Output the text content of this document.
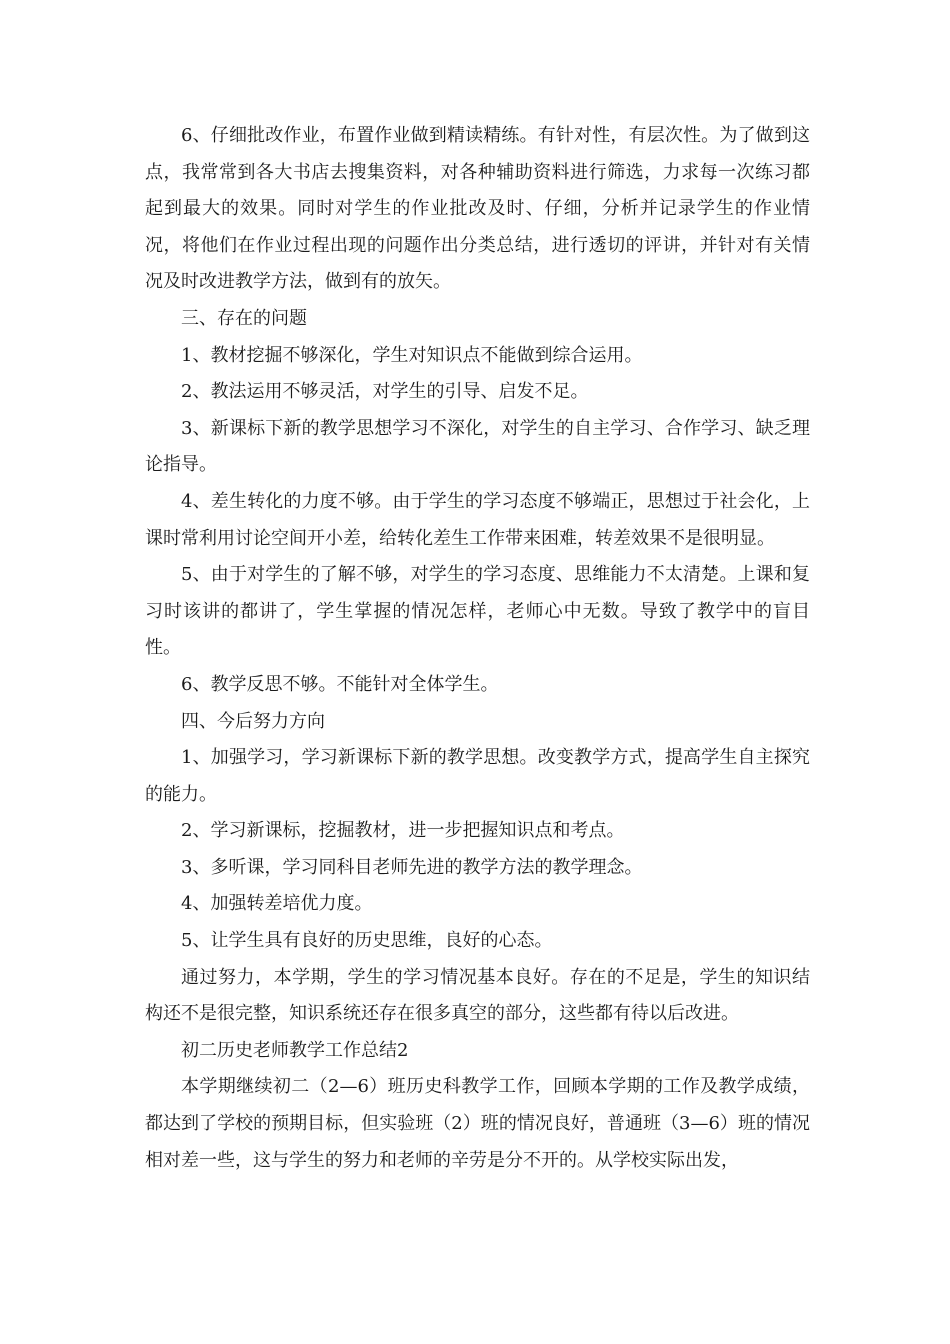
6、仔细批改作业，布置作业做到精读精练。有针对性，有层次性。为了做到这点，我常常到各大书店去搜集资料，对各种辅助资料进行筛选，力求每一次练习都起到最大的效果。同时对学生的作业批改及时、仔细，分析并记录学生的作业情况，将他们在作业过程出现的问题作出分类总结，进行透切的评讲，并针对有关情况及时改进教学方法，做到有的放矢。

三、存在的问题

1、教材挖掘不够深化，学生对知识点不能做到综合运用。

2、教法运用不够灵活，对学生的引导、启发不足。

3、新课标下新的教学思想学习不深化，对学生的自主学习、合作学习、缺乏理论指导。

4、差生转化的力度不够。由于学生的学习态度不够端正，思想过于社会化，上课时常利用讨论空间开小差，给转化差生工作带来困难，转差效果不是很明显。

5、由于对学生的了解不够，对学生的学习态度、思维能力不太清楚。上课和复习时该讲的都讲了，学生掌握的情况怎样，老师心中无数。导致了教学中的盲目性。

6、教学反思不够。不能针对全体学生。

四、今后努力方向

1、加强学习，学习新课标下新的教学思想。改变教学方式，提高学生自主探究的能力。

2、学习新课标，挖掘教材，进一步把握知识点和考点。

3、多听课，学习同科目老师先进的教学方法的教学理念。

4、加强转差培优力度。

5、让学生具有良好的历史思维，良好的心态。

通过努力，本学期，学生的学习情况基本良好。存在的不足是，学生的知识结构还不是很完整，知识系统还存在很多真空的部分，这些都有待以后改进。

初二历史老师教学工作总结2

本学期继续初二（2—6）班历史科教学工作，回顾本学期的工作及教学成绩，都达到了学校的预期目标，但实验班（2）班的情况良好，普通班（3—6）班的情况相对差一些，这与学生的努力和老师的辛劳是分不开的。从学校实际出发，
